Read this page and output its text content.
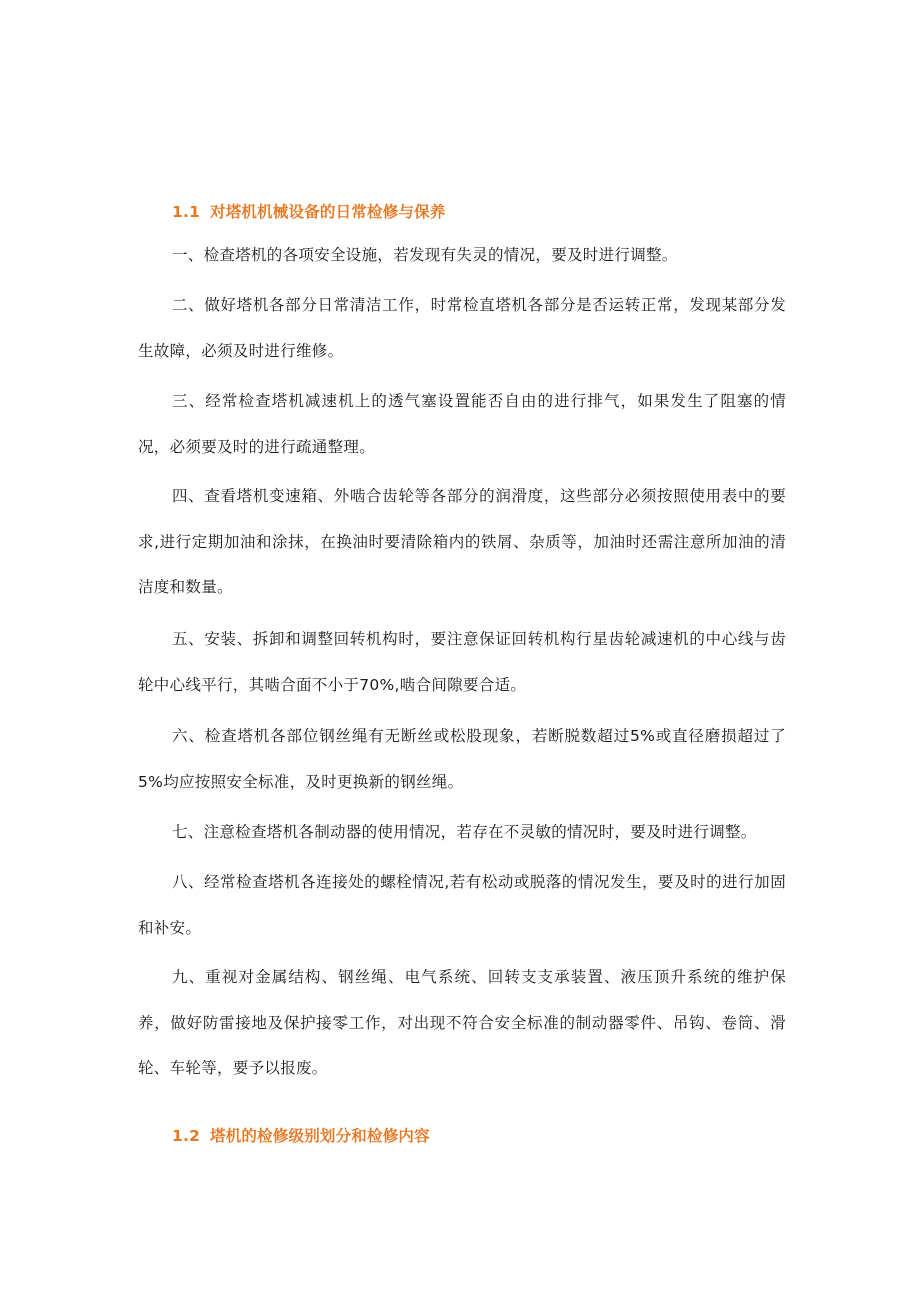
1.1 对塔机机械设备的日常检修与保养

一、检查塔机的各项安全设施，若发现有失灵的情况，要及时进行调整。

二、做好塔机各部分日常清洁工作，时常检直塔机各部分是否运转正常，发现某部分发生故障，必须及时进行维修。

三、经常检查塔机减速机上的透气塞设置能否自由的进行排气，如果发生了阻塞的情况，必须要及时的进行疏通整理。

四、查看塔机变速箱、外啮合齿轮等各部分的润滑度，这些部分必须按照使用表中的要求,进行定期加油和涂抹，在换油时要清除箱内的铁屑、杂质等，加油时还需注意所加油的清洁度和数量。

五、安装、拆卸和调整回转机构时，要注意保证回转机构行星齿轮减速机的中心线与齿轮中心线平行，其啮合面不小于70%,啮合间隙要合适。

六、检查塔机各部位钢丝绳有无断丝或松股现象，若断脱数超过5%或直径磨损超过了5%均应按照安全标准，及时更换新的钢丝绳。

七、注意检查塔机各制动器的使用情况，若存在不灵敏的情况时，要及时进行调整。

八、经常检查塔机各连接处的螺栓情况,若有松动或脱落的情况发生，要及时的进行加固和补安。

九、重视对金属结构、钢丝绳、电气系统、回转支支承装置、液压顶升系统的维护保养，做好防雷接地及保护接零工作，对出现不符合安全标准的制动器零件、吊钩、卷筒、滑轮、车轮等，要予以报废。

1.2 塔机的检修级别划分和检修内容
